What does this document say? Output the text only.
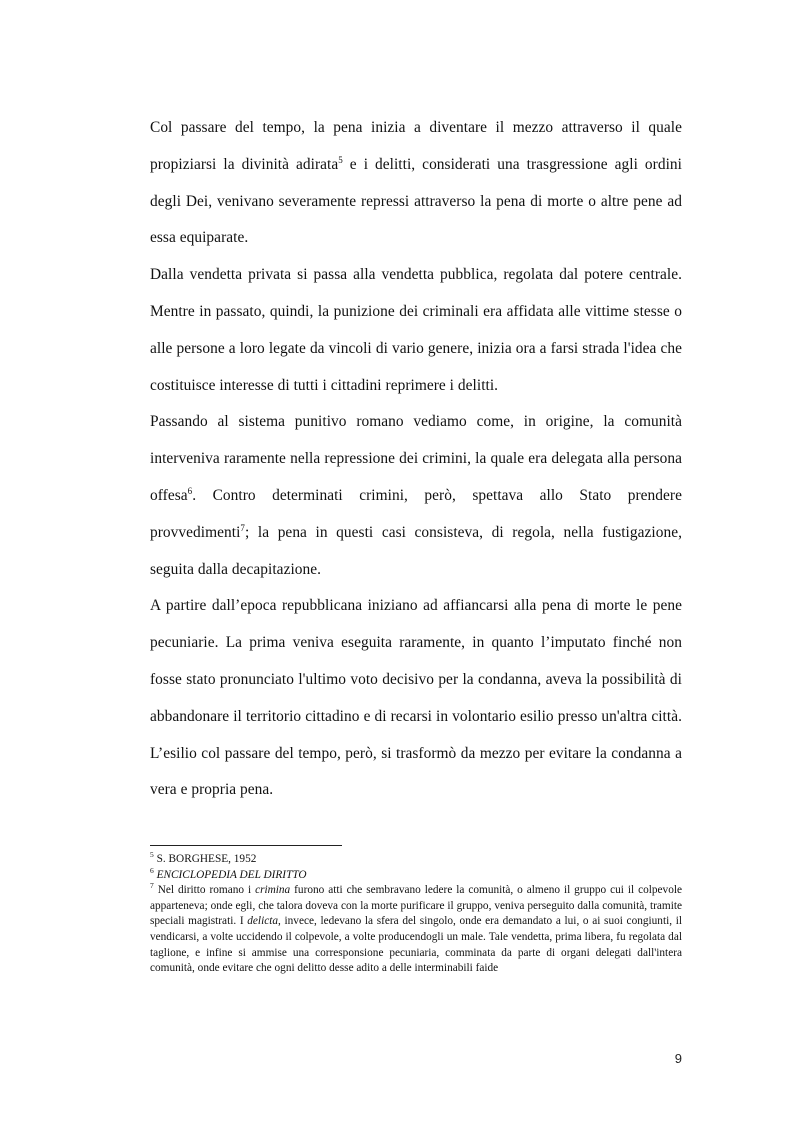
Col passare del tempo, la pena inizia a diventare il mezzo attraverso il quale propiziarsi la divinità adirata$^5$ e i delitti, considerati una trasgressione agli ordini degli Dei, venivano severamente repressi attraverso la pena di morte o altre pene ad essa equiparate.

Dalla vendetta privata si passa alla vendetta pubblica, regolata dal potere centrale. Mentre in passato, quindi, la punizione dei criminali era affidata alle vittime stesse o alle persone a loro legate da vincoli di vario genere, inizia ora a farsi strada l'idea che costituisce interesse di tutti i cittadini reprimere i delitti.

Passando al sistema punitivo romano vediamo come, in origine, la comunità interveniva raramente nella repressione dei crimini, la quale era delegata alla persona offesa$^6$. Contro determinati crimini, però, spettava allo Stato prendere provvedimenti$^7$; la pena in questi casi consisteva, di regola, nella fustigazione, seguita dalla decapitazione.

A partire dall’epoca repubblicana iniziano ad affiancarsi alla pena di morte le pene pecuniarie. La prima veniva eseguita raramente, in quanto l’imputato finché non fosse stato pronunciato l'ultimo voto decisivo per la condanna, aveva la possibilità di abbandonare il territorio cittadino e di recarsi in volontario esilio presso un'altra città. L’esilio col passare del tempo, però, si trasformò da mezzo per evitare la condanna a vera e propria pena.

$^5$ S. BORGHESE, 1952

$^6$ ENCICLOPEDIA DEL DIRITTO

$^7$ Nel diritto romano i crimina furono atti che sembravano ledere la comunità, o almeno il gruppo cui il colpevole apparteneva; onde egli, che talora doveva con la morte purificare il gruppo, veniva perseguito dalla comunità, tramite speciali magistrati. I delicta, invece, ledevano la sfera del singolo, onde era demandato a lui, o ai suoi congiunti, il vendicarsi, a volte uccidendo il colpevole, a volte producendogli un male. Tale vendetta, prima libera, fu regolata dal taglione, e infine si ammise una corresponsione pecuniaria, comminata da parte di organi delegati dall'intera comunità, onde evitare che ogni delitto desse adito a delle interminabili faide

9
